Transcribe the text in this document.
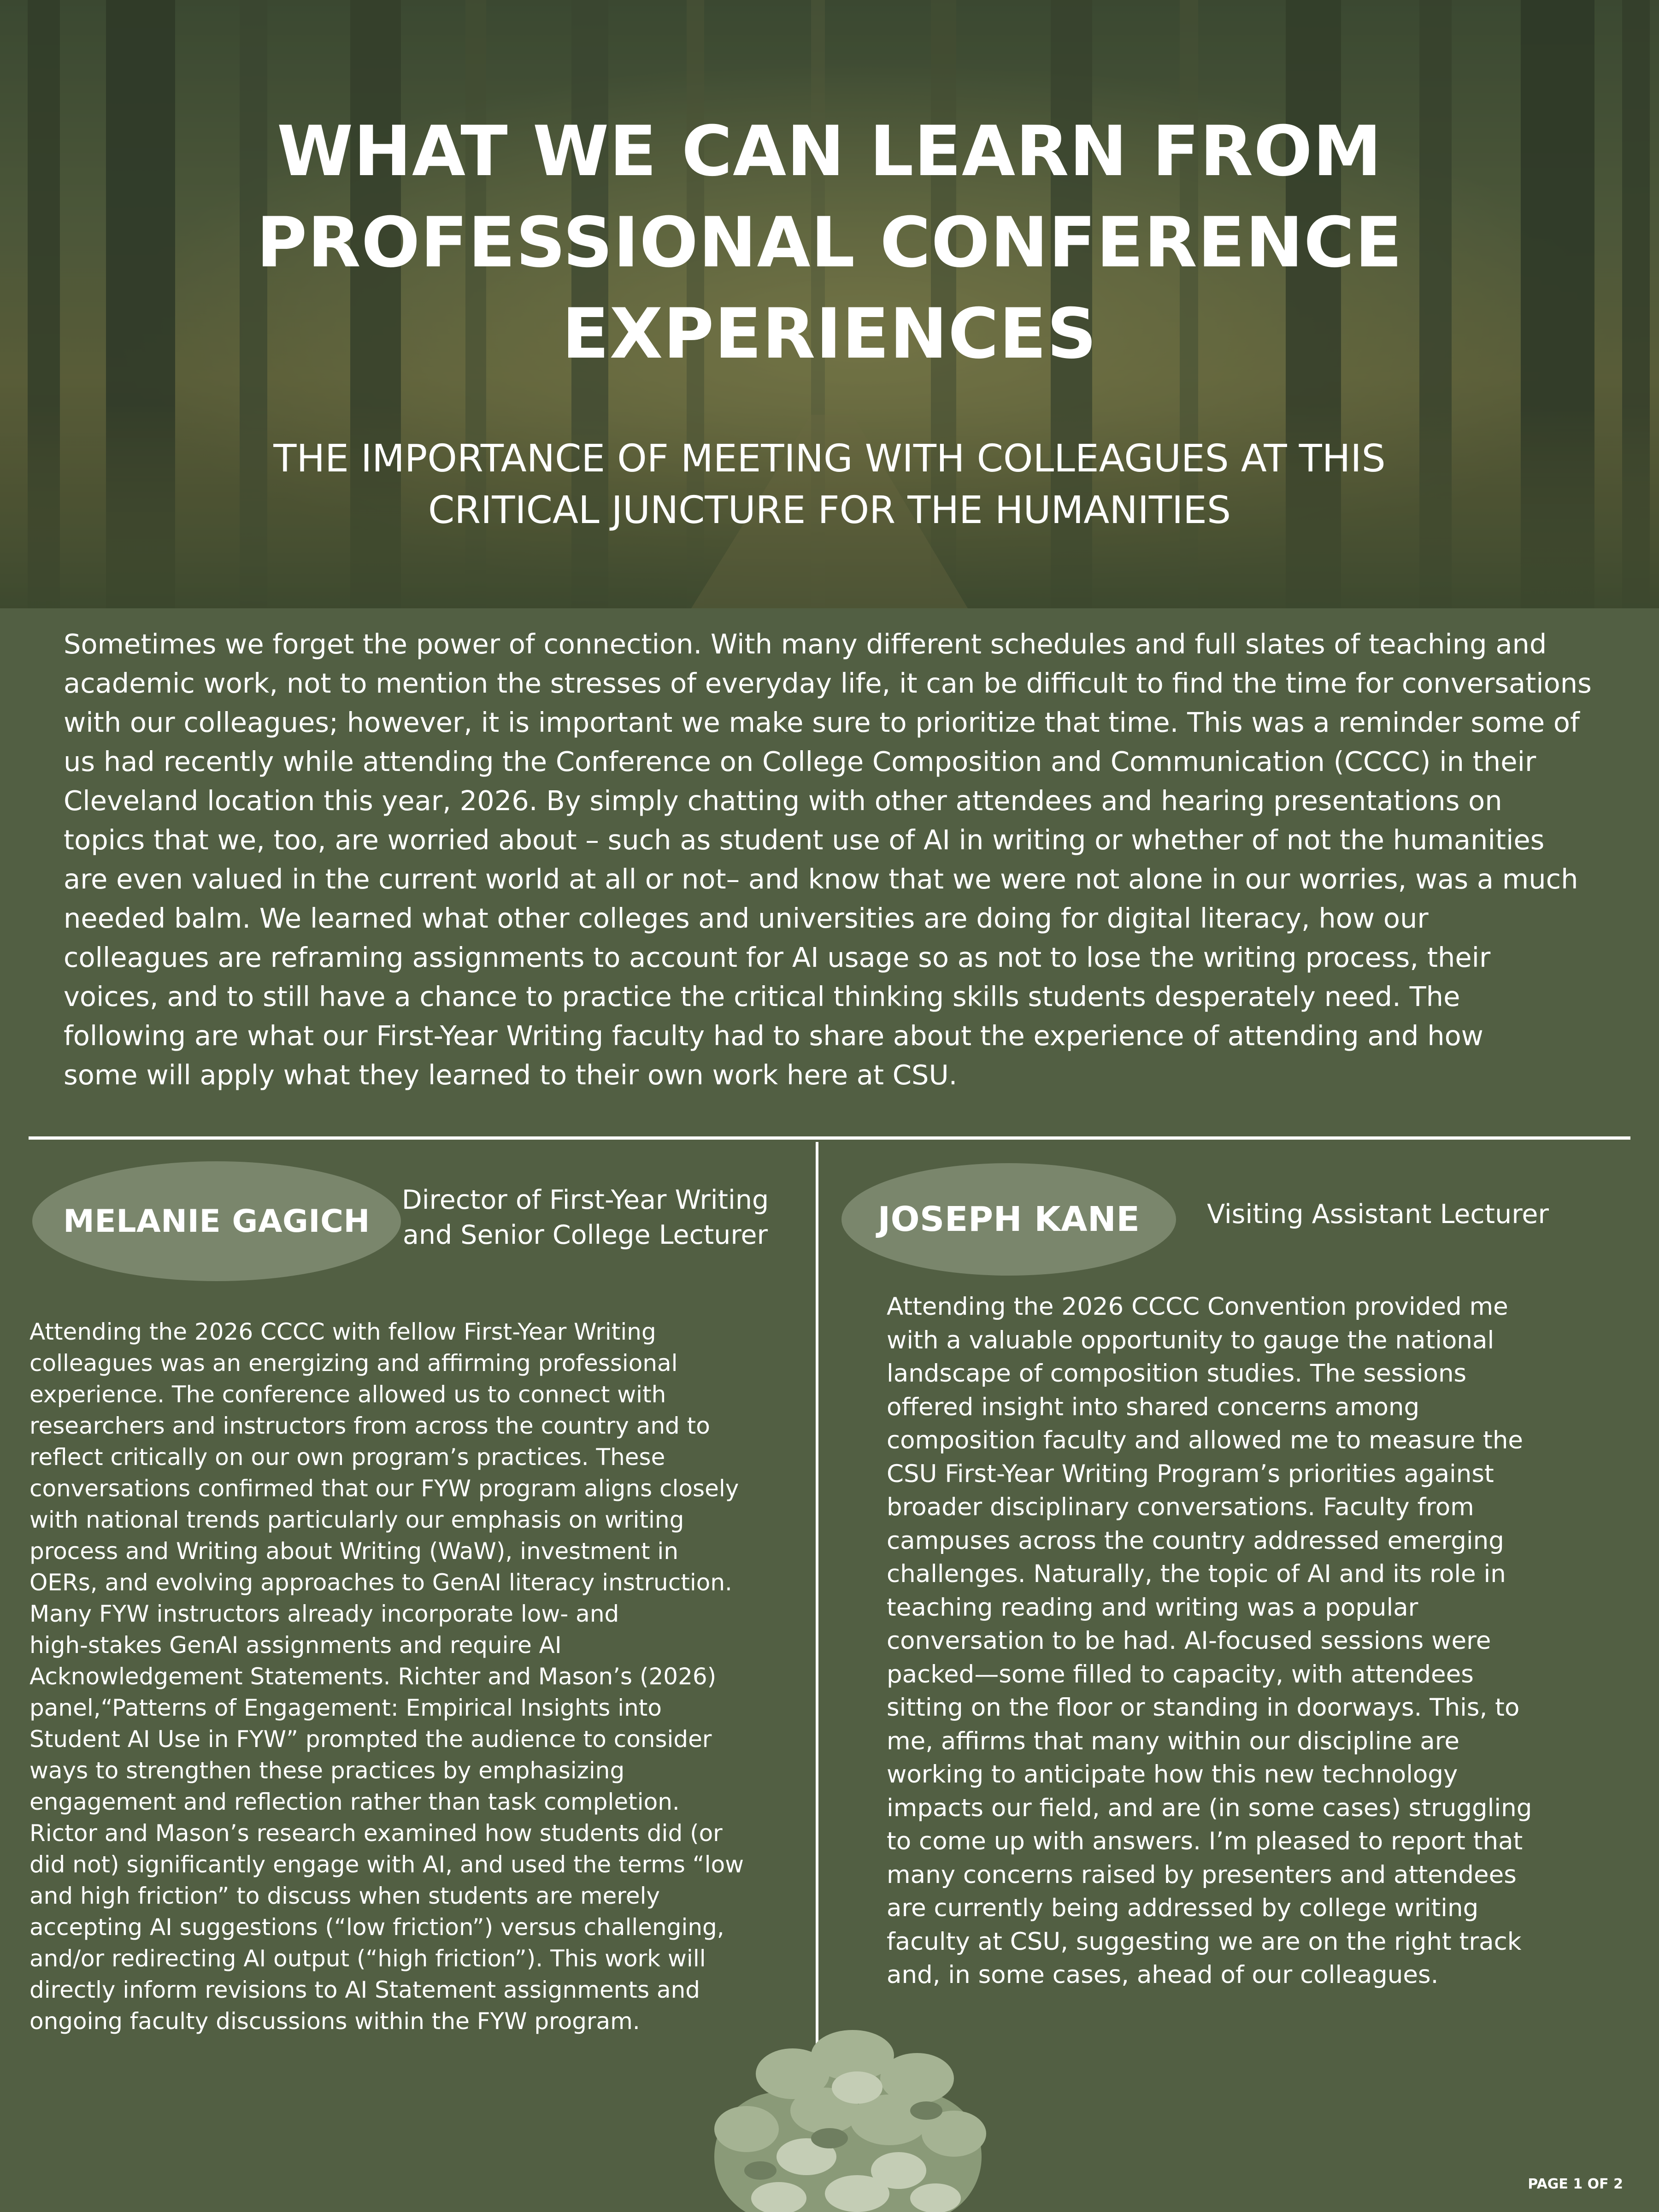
WHAT WE CAN LEARN FROM
PROFESSIONAL CONFERENCE
EXPERIENCES
THE IMPORTANCE OF MEETING WITH COLLEAGUES AT THIS
CRITICAL JUNCTURE FOR THE HUMANITIES
Sometimes we forget the power of connection. With many different schedules and full slates of teaching and
academic work, not to mention the stresses of everyday life, it can be difficult to find the time for conversations
with our colleagues; however, it is important we make sure to prioritize that time. This was a reminder some of
us had recently while attending the Conference on College Composition and Communication (CCCC) in their
Cleveland location this year, 2026. By simply chatting with other attendees and hearing presentations on
topics that we, too, are worried about – such as student use of AI in writing or whether of not the humanities
are even valued in the current world at all or not– and know that we were not alone in our worries, was a much
needed balm. We learned what other colleges and universities are doing for digital literacy, how our
colleagues are reframing assignments to account for AI usage so as not to lose the writing process, their
voices, and to still have a chance to practice the critical thinking skills students desperately need. The
following are what our First-Year Writing faculty had to share about the experience of attending and how
some will apply what they learned to their own work here at CSU.
MELANIE GAGICH
Director of First-Year Writing
and Senior College Lecturer
Attending the 2026 CCCC with fellow First-Year Writing
colleagues was an energizing and affirming professional
experience. The conference allowed us to connect with
researchers and instructors from across the country and to
reflect critically on our own program’s practices. These
conversations confirmed that our FYW program aligns closely
with national trends particularly our emphasis on writing
process and Writing about Writing (WaW), investment in
OERs, and evolving approaches to GenAI literacy instruction.
Many FYW instructors already incorporate low- and
high-stakes GenAI assignments and require AI
Acknowledgement Statements. Richter and Mason’s (2026)
panel,“Patterns of Engagement: Empirical Insights into
Student AI Use in FYW” prompted the audience to consider
ways to strengthen these practices by emphasizing
engagement and reflection rather than task completion.
Rictor and Mason’s research examined how students did (or
did not) significantly engage with AI, and used the terms “low
and high friction” to discuss when students are merely
accepting AI suggestions (“low friction”) versus challenging,
and/or redirecting AI output (“high friction”). This work will
directly inform revisions to AI Statement assignments and
ongoing faculty discussions within the FYW program.
JOSEPH KANE	Visiting Assistant Lecturer
Attending the 2026 CCCC Convention provided me
with a valuable opportunity to gauge the national
landscape of composition studies. The sessions
offered insight into shared concerns among
composition faculty and allowed me to measure the
CSU First-Year Writing Program’s priorities against
broader disciplinary conversations. Faculty from
campuses across the country addressed emerging
challenges. Naturally, the topic of AI and its role in
teaching reading and writing was a popular
conversation to be had. AI-focused sessions were
packed—some filled to capacity, with attendees
sitting on the floor or standing in doorways. This, to
me, affirms that many within our discipline are
working to anticipate how this new technology
impacts our field, and are (in some cases) struggling
to come up with answers. I’m pleased to report that
many concerns raised by presenters and attendees
are currently being addressed by college writing
faculty at CSU, suggesting we are on the right track
and, in some cases, ahead of our colleagues.
PAGE 1 OF 2
